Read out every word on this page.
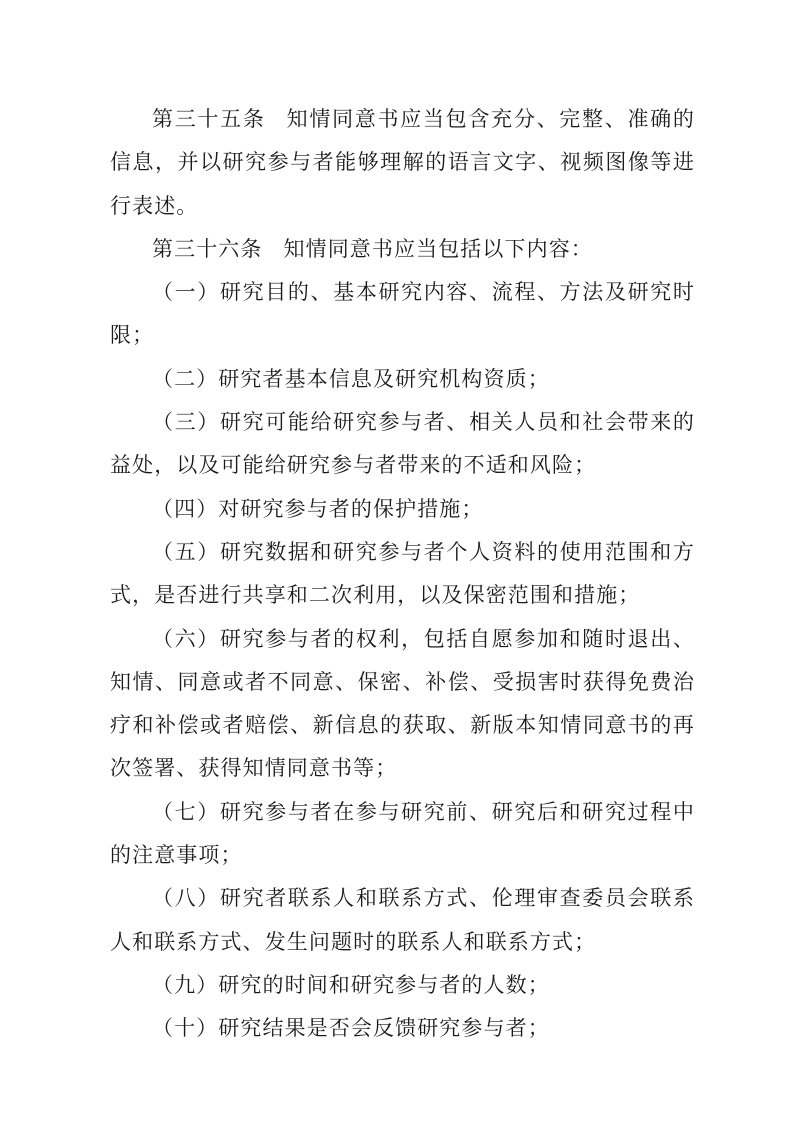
第三十五条 知情同意书应当包含充分、完整、准确的信息，并以研究参与者能够理解的语言文字、视频图像等进行表述。

第三十六条 知情同意书应当包括以下内容：

（一）研究目的、基本研究内容、流程、方法及研究时限；

（二）研究者基本信息及研究机构资质；

（三）研究可能给研究参与者、相关人员和社会带来的益处，以及可能给研究参与者带来的不适和风险；

（四）对研究参与者的保护措施；

（五）研究数据和研究参与者个人资料的使用范围和方式，是否进行共享和二次利用，以及保密范围和措施；

（六）研究参与者的权利，包括自愿参加和随时退出、知情、同意或者不同意、保密、补偿、受损害时获得免费治疗和补偿或者赔偿、新信息的获取、新版本知情同意书的再次签署、获得知情同意书等；

（七）研究参与者在参与研究前、研究后和研究过程中的注意事项；

（八）研究者联系人和联系方式、伦理审查委员会联系人和联系方式、发生问题时的联系人和联系方式；

（九）研究的时间和研究参与者的人数；

（十）研究结果是否会反馈研究参与者；
